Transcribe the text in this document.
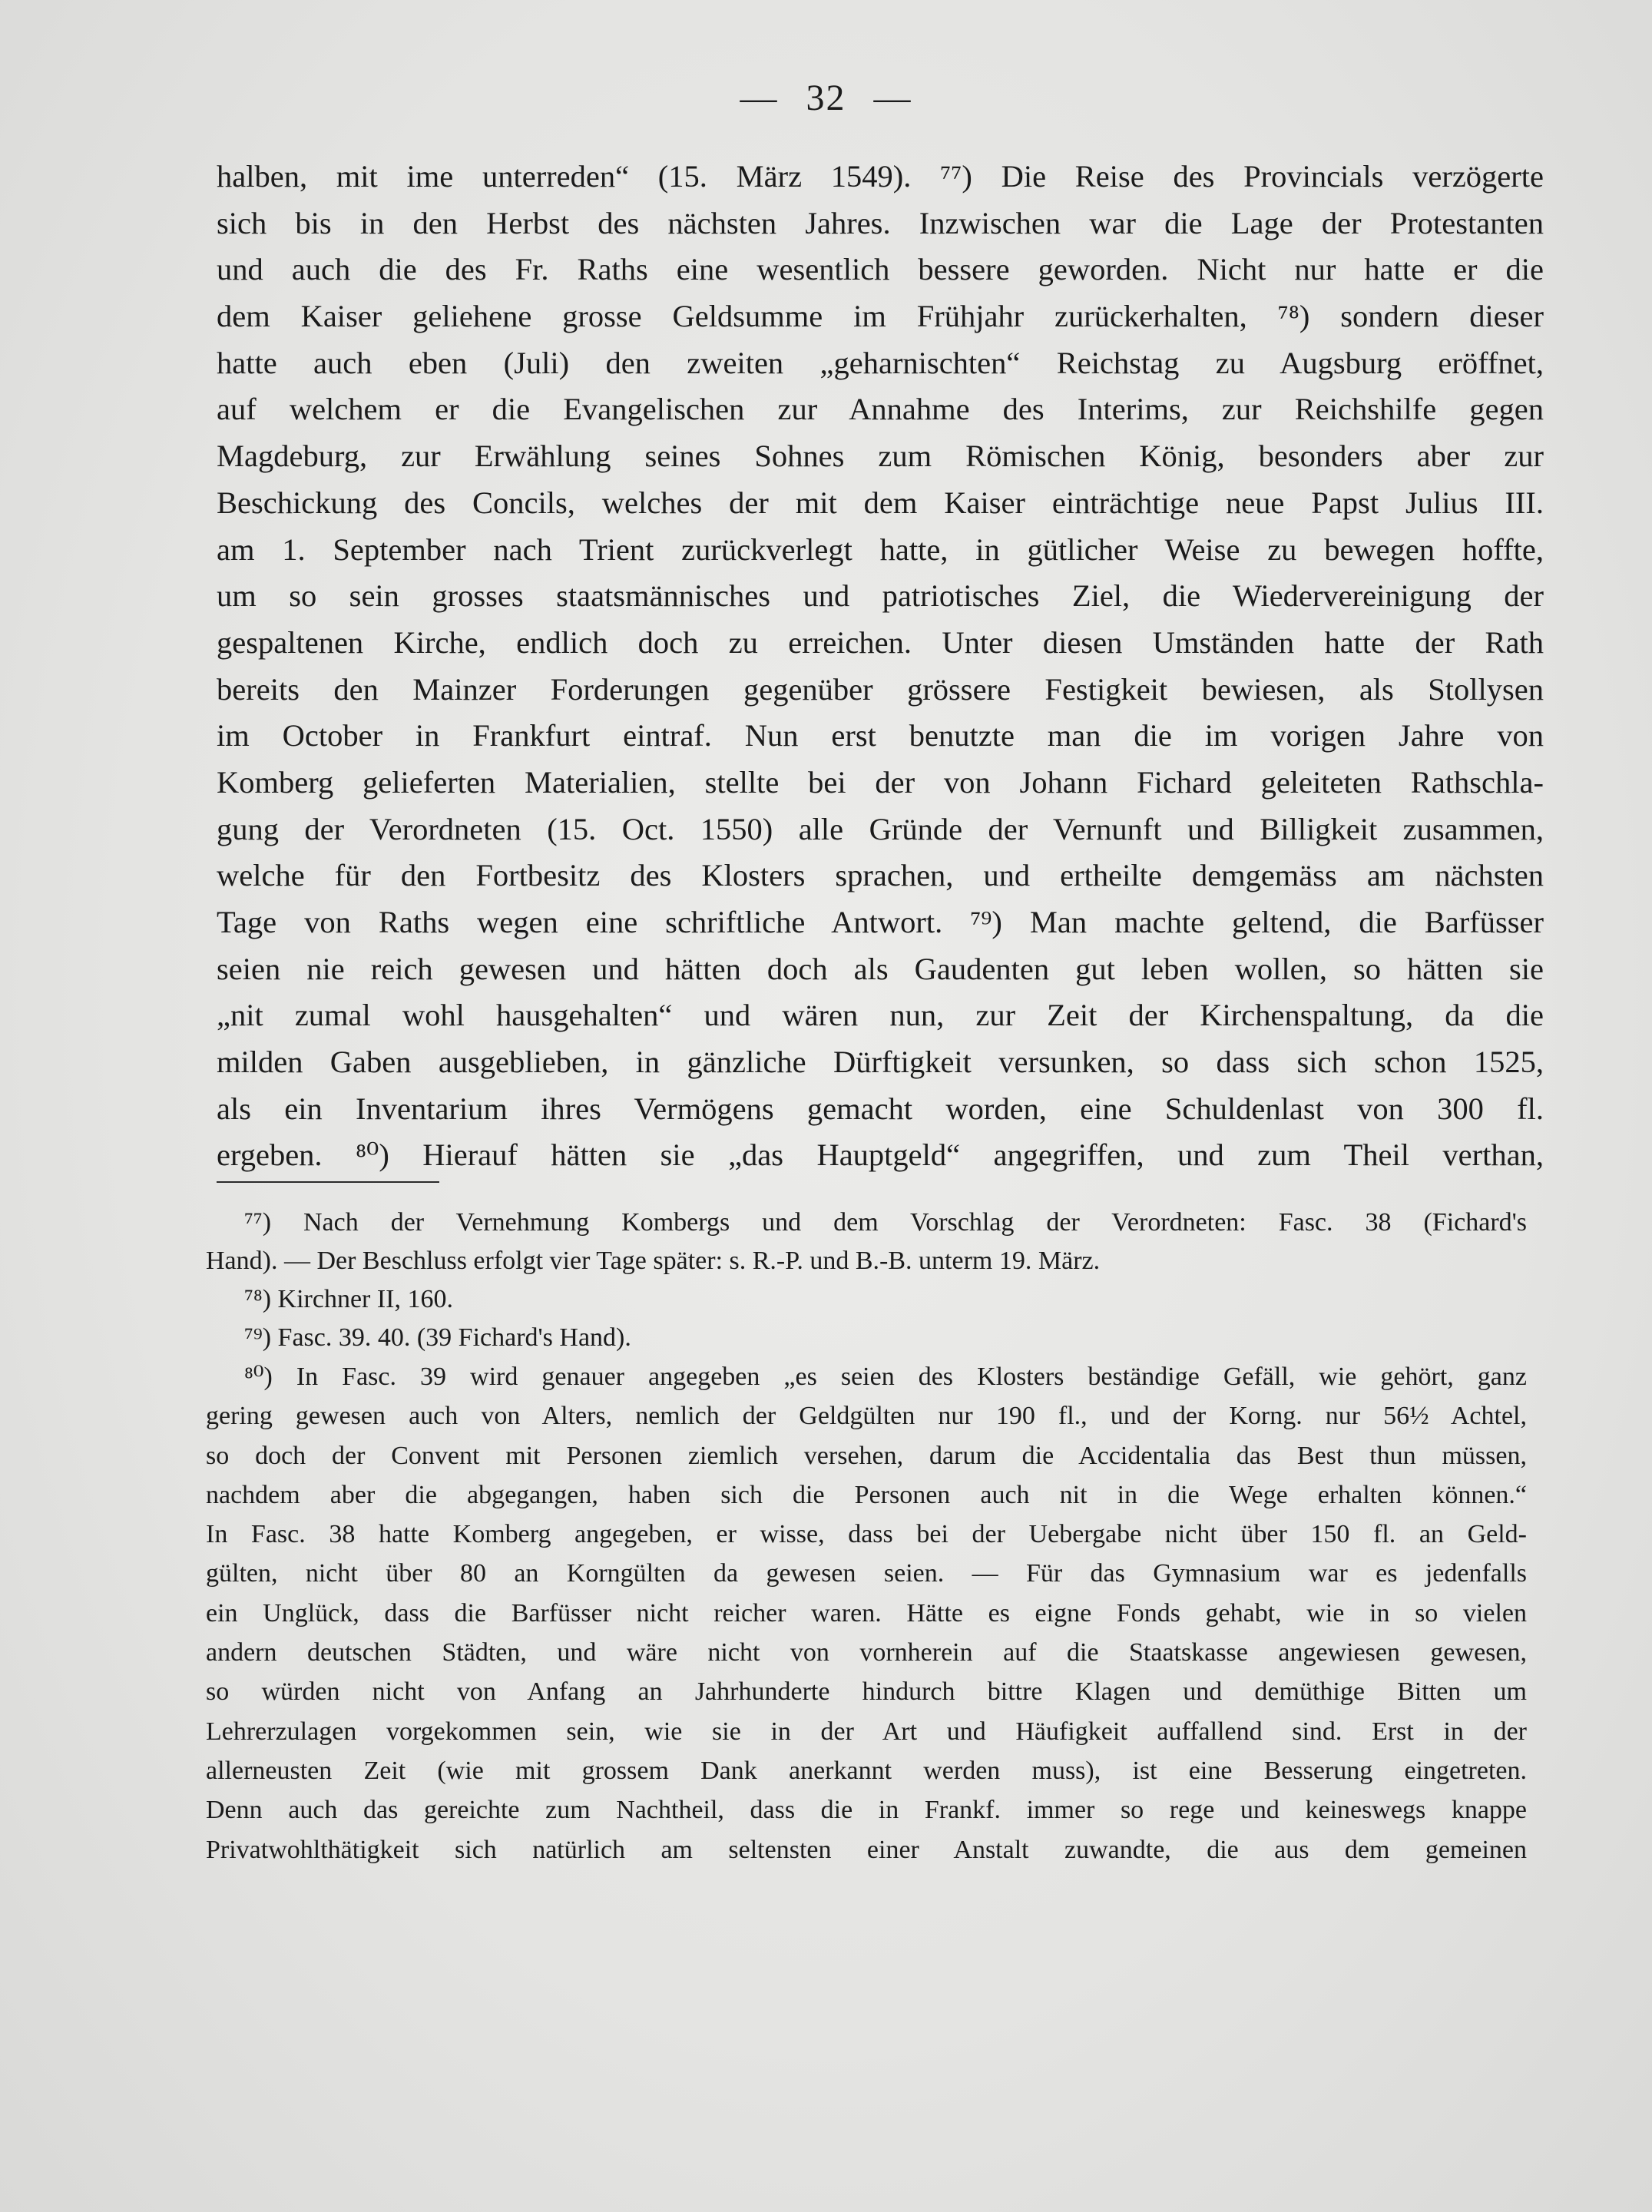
— 32 —
halben, mit ime unterreden“ (15. März 1549). ⁷⁷) Die Reise des Provincials verzögerte
sich bis in den Herbst des nächsten Jahres. Inzwischen war die Lage der Protestanten
und auch die des Fr. Raths eine wesentlich bessere geworden. Nicht nur hatte er die
dem Kaiser geliehene grosse Geldsumme im Frühjahr zurückerhalten, ⁷⁸) sondern dieser
hatte auch eben (Juli) den zweiten „geharnischten“ Reichstag zu Augsburg eröffnet,
auf welchem er die Evangelischen zur Annahme des Interims, zur Reichshilfe gegen
Magdeburg, zur Erwählung seines Sohnes zum Römischen König, besonders aber zur
Beschickung des Concils, welches der mit dem Kaiser einträchtige neue Papst Julius III.
am 1. September nach Trient zurückverlegt hatte, in gütlicher Weise zu bewegen hoffte,
um so sein grosses staatsmännisches und patriotisches Ziel, die Wiedervereinigung der
gespaltenen Kirche, endlich doch zu erreichen. Unter diesen Umständen hatte der Rath
bereits den Mainzer Forderungen gegenüber grössere Festigkeit bewiesen, als Stollysen
im October in Frankfurt eintraf. Nun erst benutzte man die im vorigen Jahre von
Komberg gelieferten Materialien, stellte bei der von Johann Fichard geleiteten Rathschla-
gung der Verordneten (15. Oct. 1550) alle Gründe der Vernunft und Billigkeit zusammen,
welche für den Fortbesitz des Klosters sprachen, und ertheilte demgemäss am nächsten
Tage von Raths wegen eine schriftliche Antwort. ⁷⁹) Man machte geltend, die Barfüsser
seien nie reich gewesen und hätten doch als Gaudenten gut leben wollen, so hätten sie
„nit zumal wohl hausgehalten“ und wären nun, zur Zeit der Kirchenspaltung, da die
milden Gaben ausgeblieben, in gänzliche Dürftigkeit versunken, so dass sich schon 1525,
als ein Inventarium ihres Vermögens gemacht worden, eine Schuldenlast von 300 fl.
ergeben. ⁸⁰) Hierauf hätten sie „das Hauptgeld“ angegriffen, und zum Theil verthan,
⁷⁷) Nach der Vernehmung Kombergs und dem Vorschlag der Verordneten: Fasc. 38 (Fichard's
Hand). — Der Beschluss erfolgt vier Tage später: s. R.-P. und B.-B. unterm 19. März.
⁷⁸) Kirchner II, 160.
⁷⁹) Fasc. 39. 40. (39 Fichard's Hand).
⁸⁰) In Fasc. 39 wird genauer angegeben „es seien des Klosters beständige Gefäll, wie gehört, ganz
gering gewesen auch von Alters, nemlich der Geldgülten nur 190 fl., und der Korng. nur 56½ Achtel,
so doch der Convent mit Personen ziemlich versehen, darum die Accidentalia das Best thun müssen,
nachdem aber die abgegangen, haben sich die Personen auch nit in die Wege erhalten können.“
In Fasc. 38 hatte Komberg angegeben, er wisse, dass bei der Uebergabe nicht über 150 fl. an Geld-
gülten, nicht über 80 an Korngülten da gewesen seien. — Für das Gymnasium war es jedenfalls
ein Unglück, dass die Barfüsser nicht reicher waren. Hätte es eigne Fonds gehabt, wie in so vielen
andern deutschen Städten, und wäre nicht von vornherein auf die Staatskasse angewiesen gewesen,
so würden nicht von Anfang an Jahrhunderte hindurch bittre Klagen und demüthige Bitten um
Lehrerzulagen vorgekommen sein, wie sie in der Art und Häufigkeit auffallend sind. Erst in der
allerneusten Zeit (wie mit grossem Dank anerkannt werden muss), ist eine Besserung eingetreten.
Denn auch das gereichte zum Nachtheil, dass die in Frankf. immer so rege und keineswegs knappe
Privatwohlthätigkeit sich natürlich am seltensten einer Anstalt zuwandte, die aus dem gemeinen
